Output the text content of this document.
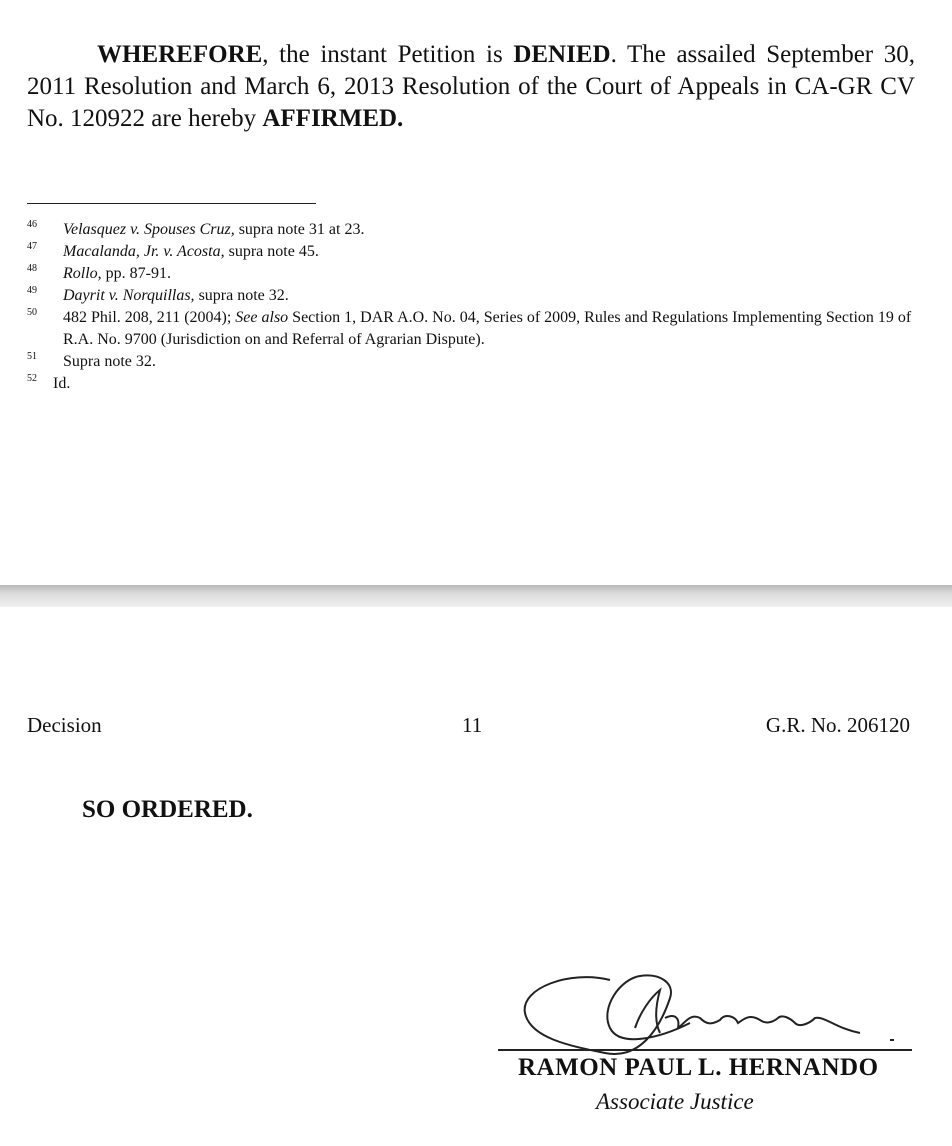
WHEREFORE, the instant Petition is DENIED. The assailed September 30, 2011 Resolution and March 6, 2013 Resolution of the Court of Appeals in CA-GR CV No. 120922 are hereby AFFIRMED.

46 Velasquez v. Spouses Cruz, supra note 31 at 23.
47 Macalanda, Jr. v. Acosta, supra note 45.
48 Rollo, pp. 87-91.
49 Dayrit v. Norquillas, supra note 32.
50 482 Phil. 208, 211 (2004); See also Section 1, DAR A.O. No. 04, Series of 2009, Rules and Regulations Implementing Section 19 of R.A. No. 9700 (Jurisdiction on and Referral of Agrarian Dispute).
51 Supra note 32.
52 Id.
Decision	11	G.R. No. 206120
SO ORDERED.
RAMON PAUL L. HERNANDO
Associate Justice
